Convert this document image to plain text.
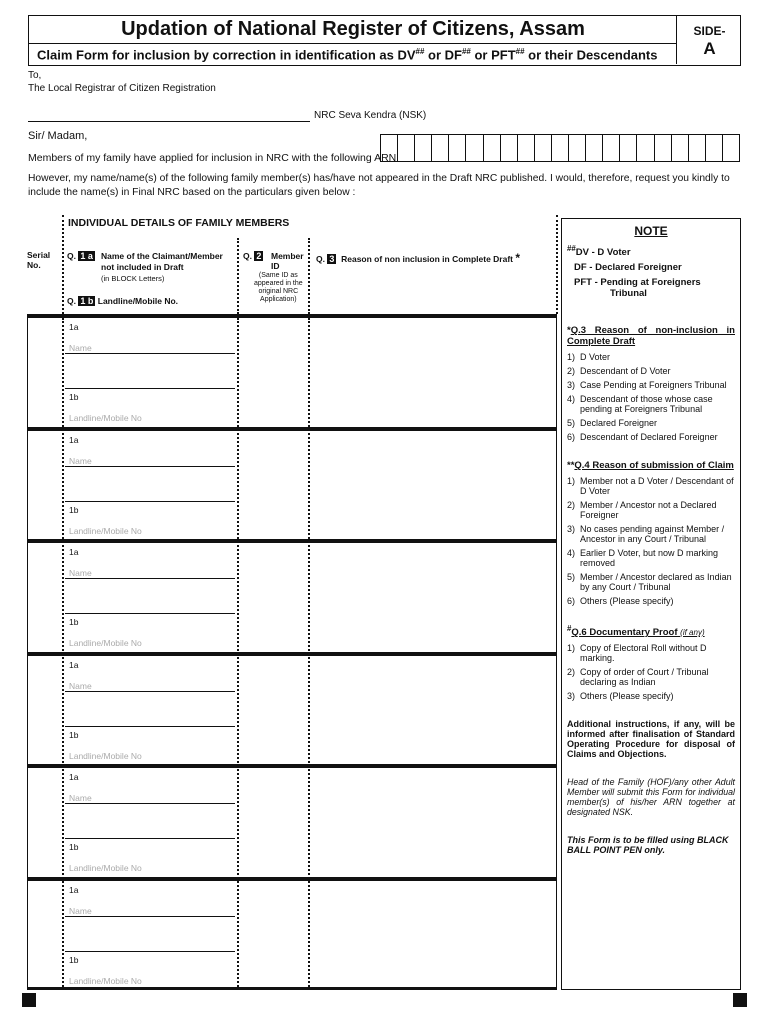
Updation of National Register of Citizens, Assam
Claim Form for inclusion by correction in identification as DV## or DF## or PFT## or their Descendants
SIDE-
A
To,
The Local Registrar of Citizen Registration
NRC Seva Kendra (NSK)
Sir/ Madam,
Members of my family have applied for inclusion in NRC with the following ARN
However, my name/name(s) of the following family member(s) has/have not appeared in the Draft NRC published. I would, therefore, request you kindly to
include the name(s) in Final NRC based on the particulars given below :
INDIVIDUAL DETAILS OF FAMILY MEMBERS
Serial
No.
Q. 1 a Name of the Claimant/Member
not included in Draft
(in BLOCK Letters)
Q. 1 b Landline/Mobile No.
Q. 2 Member
ID
(Same ID as
appeared in the
original NRC
Application)
Q. 3 Reason of non inclusion in Complete Draft *
1a
Name
1b
Landline/Mobile No
1a
Name
1b
Landline/Mobile No
1a
Name
1b
Landline/Mobile No
1a
Name
1b
Landline/Mobile No
1a
Name
1b
Landline/Mobile No
1a
Name
1b
Landline/Mobile No
NOTE
##DV - D Voter
DF - Declared Foreigner
PFT - Pending at Foreigners
Tribunal
*Q.3 Reason of non-inclusion in Complete Draft
1) D Voter
2) Descendant of D Voter
3) Case Pending at Foreigners Tribunal
4) Descendant of those whose case pending at Foreigners Tribunal
5) Declared Foreigner
6) Descendant of Declared Foreigner
**Q.4 Reason of submission of Claim
1) Member not a D Voter / Descendant of D Voter
2) Member / Ancestor not a Declared Foreigner
3) No cases pending against Member / Ancestor in any Court / Tribunal
4) Earlier D Voter, but now D marking removed
5) Member / Ancestor declared as Indian by any Court / Tribunal
6) Others (Please specify)
#Q.6 Documentary Proof (if any)
1) Copy of Electoral Roll without D marking.
2) Copy of order of Court / Tribunal declaring as Indian
3) Others (Please specify)
Additional instructions, if any, will be informed after finalisation of Standard Operating Procedure for disposal of Claims and Objections.
Head of the Family (HOF)/any other Adult Member will submit this Form for individual member(s) of his/her ARN together at designated NSK.
This Form is to be filled using BLACK BALL POINT PEN only.
